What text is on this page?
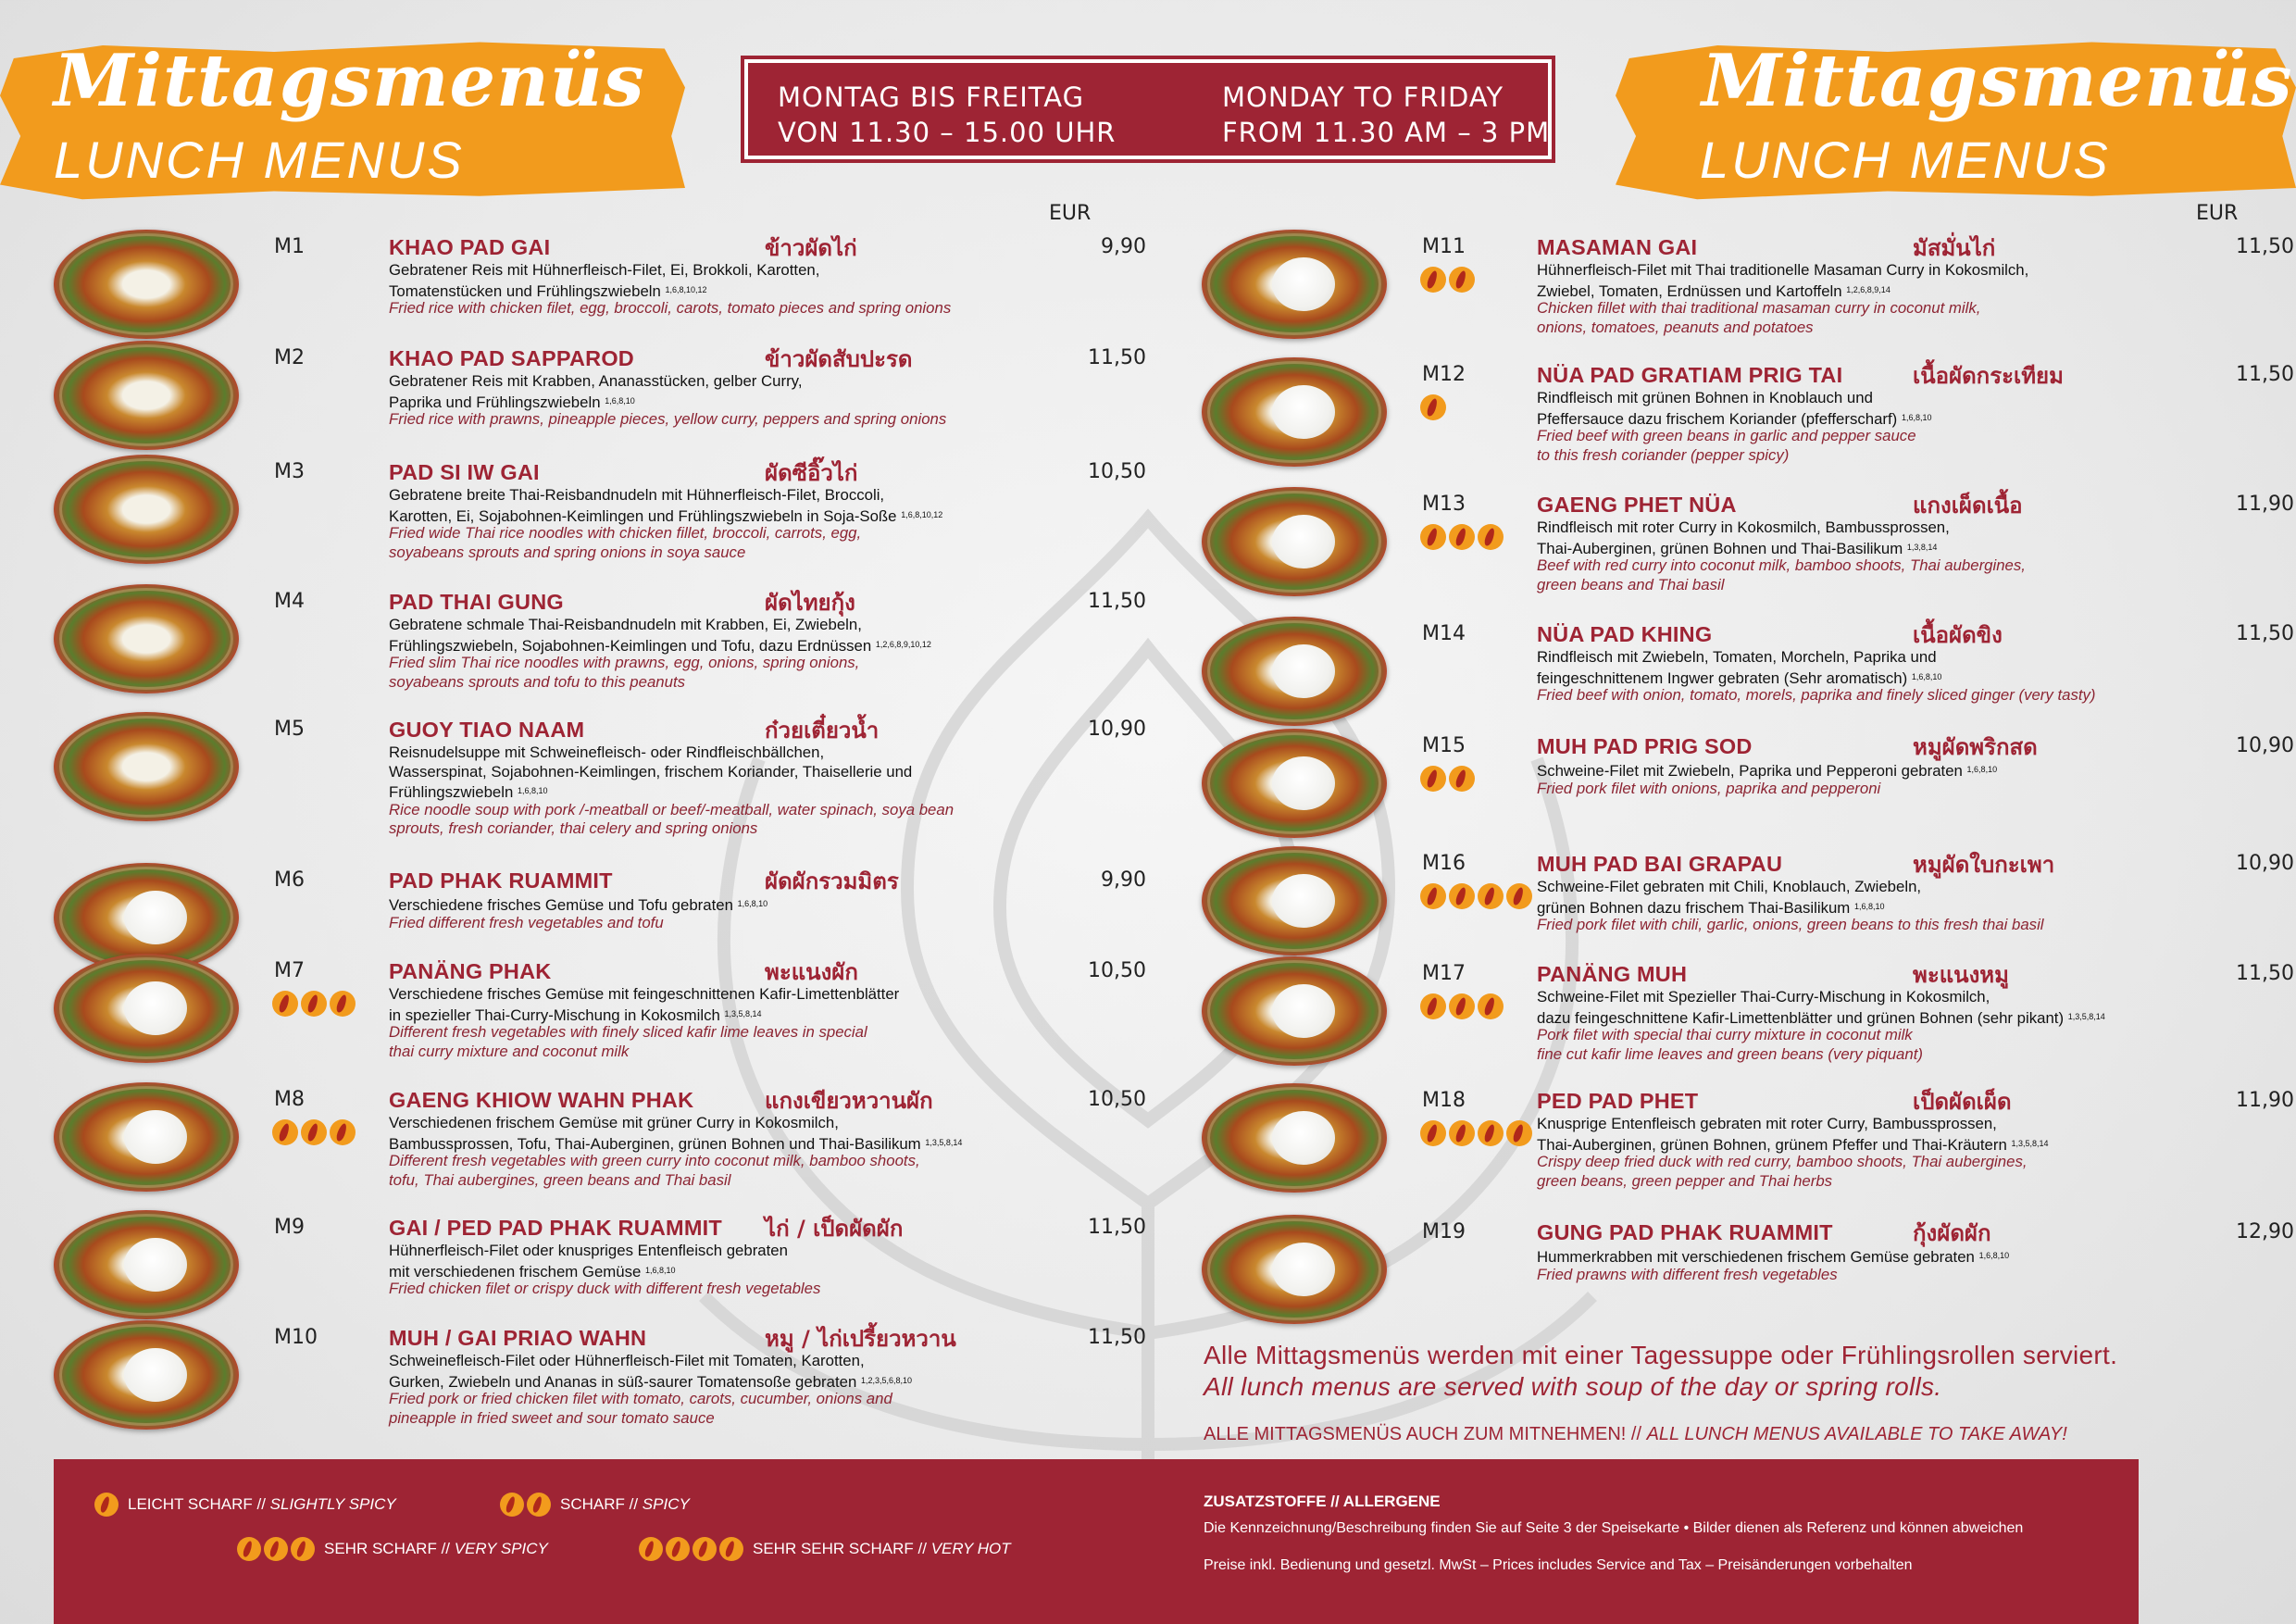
Mittagsmenüs
LUNCH MENUS
Mittagsmenüs
LUNCH MENUS
MONTAG BIS FREITAG
VON 11.30 – 15.00 UHR
MONDAY TO FRIDAY
FROM 11.30 AM – 3 PM
EUR	EUR
M1	KHAO PAD GAI	ข้าวผัดไก่	9,90
Gebratener Reis mit Hühnerfleisch-Filet, Ei, Brokkoli, Karotten,
Tomatenstücken und Frühlingszwiebeln $^{1,6,8,10,12}$
Fried rice with chicken filet, egg, broccoli, carots, tomato pieces and spring onions
M2	KHAO PAD SAPPAROD	ข้าวผัดสับปะรด	11,50
Gebratener Reis mit Krabben, Ananasstücken, gelber Curry,
Paprika und Frühlingszwiebeln $^{1,6,8,10}$
Fried rice with prawns, pineapple pieces, yellow curry, peppers and spring onions
M3	PAD SI IW GAI	ผัดซีอิ๊วไก่	10,50
Gebratene breite Thai-Reisbandnudeln mit Hühnerfleisch-Filet, Broccoli,
Karotten, Ei, Sojabohnen-Keimlingen und Frühlingszwiebeln in Soja-Soße $^{1,6,8,10,12}$
Fried wide Thai rice noodles with chicken fillet, broccoli, carrots, egg,
soyabeans sprouts and spring onions in soya sauce
M4	PAD THAI GUNG	ผัดไทยกุ้ง	11,50
Gebratene schmale Thai-Reisbandnudeln mit Krabben, Ei, Zwiebeln,
Frühlingszwiebeln, Sojabohnen-Keimlingen und Tofu, dazu Erdnüssen $^{1,2,6,8,9,10,12}$
Fried slim Thai rice noodles with prawns, egg, onions, spring onions,
soyabeans sprouts and tofu to this peanuts
M5	GUOY TIAO NAAM	ก๋วยเตี๋ยวน้ำ	10,90
Reisnudelsuppe mit Schweinefleisch- oder Rindfleischbällchen,
Wasserspinat, Sojabohnen-Keimlingen, frischem Koriander, Thaisellerie und
Frühlingszwiebeln $^{1,6,8,10}$
Rice noodle soup with pork /-meatball or beef/-meatball, water spinach, soya bean
sprouts, fresh coriander, thai celery and spring onions
M6	PAD PHAK RUAMMIT	ผัดผักรวมมิตร	9,90
Verschiedene frisches Gemüse und Tofu gebraten $^{1,6,8,10}$
Fried different fresh vegetables and tofu
M7	PANÄNG PHAK	พะแนงผัก	10,50
Verschiedene frisches Gemüse mit feingeschnittenen Kafir-Limettenblätter
in spezieller Thai-Curry-Mischung in Kokosmilch $^{1,3,5,8,14}$
Different fresh vegetables with finely sliced kafir lime leaves in special
thai curry mixture and coconut milk
M8	GAENG KHIOW WAHN PHAK	แกงเขียวหวานผัก	10,50
Verschiedenen frischem Gemüse mit grüner Curry in Kokosmilch,
Bambussprossen, Tofu, Thai-Auberginen, grünen Bohnen und Thai-Basilikum $^{1,3,5,8,14}$
Different fresh vegetables with green curry into coconut milk, bamboo shoots,
tofu, Thai aubergines, green beans and Thai basil
M9	GAI / PED PAD PHAK RUAMMIT ไก่ / เป็ดผัดผัก	11,50
Hühnerfleisch-Filet oder knuspriges Entenfleisch gebraten
mit verschiedenen frischem Gemüse $^{1,6,8,10}$
Fried chicken filet or crispy duck with different fresh vegetables
M10	MUH / GAI PRIAO WAHN	หมู / ไก่เปรี้ยวหวาน	11,50
Schweinefleisch-Filet oder Hühnerfleisch-Filet mit Tomaten, Karotten,
Gurken, Zwiebeln und Ananas in süß-saurer Tomatensoße gebraten $^{1,2,3,5,6,8,10}$
Fried pork or fried chicken filet with tomato, carots, cucumber, onions and
pineapple in fried sweet and sour tomato sauce
M11	MASAMAN GAI	มัสมั่นไก่	11,50
Hühnerfleisch-Filet mit Thai traditionelle Masaman Curry in Kokosmilch,
Zwiebel, Tomaten, Erdnüssen und Kartoffeln $^{1,2,6,8,9,14}$
Chicken fillet with thai traditional masaman curry in coconut milk,
onions, tomatoes, peanuts and potatoes
M12	NÜA PAD GRATIAM PRIG TAI	เนื้อผัดกระเทียม	11,50
Rindfleisch mit grünen Bohnen in Knoblauch und
Pfeffersauce dazu frischem Koriander (pfefferscharf) $^{1,6,8,10}$
Fried beef with green beans in garlic and pepper sauce
to this fresh coriander (pepper spicy)
M13	GAENG PHET NÜA	แกงเผ็ดเนื้อ	11,90
Rindfleisch mit roter Curry in Kokosmilch, Bambussprossen,
Thai-Auberginen, grünen Bohnen und Thai-Basilikum $^{1,3,8,14}$
Beef with red curry into coconut milk, bamboo shoots, Thai aubergines,
green beans and Thai basil
M14	NÜA PAD KHING	เนื้อผัดขิง	11,50
Rindfleisch mit Zwiebeln, Tomaten, Morcheln, Paprika und
feingeschnittenem Ingwer gebraten (Sehr aromatisch) $^{1,6,8,10}$
Fried beef with onion, tomato, morels, paprika and finely sliced ginger (very tasty)
M15	MUH PAD PRIG SOD	หมูผัดพริกสด	10,90
Schweine-Filet mit Zwiebeln, Paprika und Pepperoni gebraten $^{1,6,8,10}$
Fried pork filet with onions, paprika and pepperoni
M16	MUH PAD BAI GRAPAU	หมูผัดใบกะเพา	10,90
Schweine-Filet gebraten mit Chili, Knoblauch, Zwiebeln,
grünen Bohnen dazu frischem Thai-Basilikum $^{1,6,8,10}$
Fried pork filet with chili, garlic, onions, green beans to this fresh thai basil
M17	PANÄNG MUH	พะแนงหมู	11,50
Schweine-Filet mit Spezieller Thai-Curry-Mischung in Kokosmilch,
dazu feingeschnittene Kafir-Limettenblätter und grünen Bohnen (sehr pikant) $^{1,3,5,8,14}$
Pork filet with special thai curry mixture in coconut milk
fine cut kafir lime leaves and green beans (very piquant)
M18	PED PAD PHET	เป็ดผัดเผ็ด	11,90
Knusprige Entenfleisch gebraten mit roter Curry, Bambussprossen,
Thai-Auberginen, grünen Bohnen, grünem Pfeffer und Thai-Kräutern $^{1,3,5,8,14}$
Crispy deep fried duck with red curry, bamboo shoots, Thai aubergines,
green beans, green pepper and Thai herbs
M19	GUNG PAD PHAK RUAMMIT	กุ้งผัดผัก	12,90
Hummerkrabben mit verschiedenen frischem Gemüse gebraten $^{1,6,8,10}$
Fried prawns with different fresh vegetables
Alle Mittagsmenüs werden mit einer Tagessuppe oder Frühlingsrollen serviert.
All lunch menus are served with soup of the day or spring rolls.
ALLE MITTAGSMENÜS AUCH ZUM MITNEHMEN! // ALL LUNCH MENUS AVAILABLE TO TAKE AWAY!
LEICHT SCHARF // SLIGHTLY SPICY	SCHARF // SPICY
SEHR SCHARF // VERY SPICY	SEHR SEHR SCHARF // VERY HOT
ZUSATZSTOFFE // ALLERGENE
Die Kennzeichnung/Beschreibung finden Sie auf Seite 3 der Speisekarte • Bilder dienen als Referenz und können abweichen
Preise inkl. Bedienung und gesetzl. MwSt – Prices includes Service and Tax – Preisänderungen vorbehalten
